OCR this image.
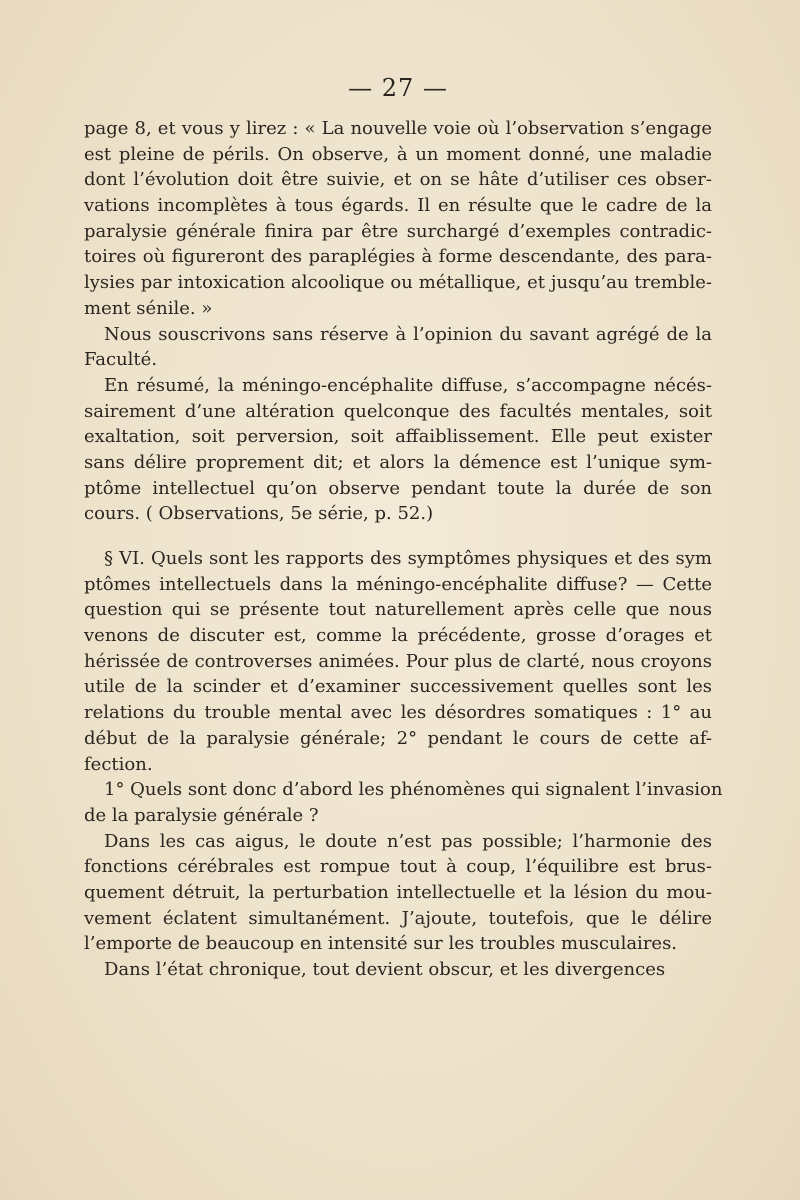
— 27 —
page 8, et vous y lirez : « La nouvelle voie où l’observation s’engage
est pleine de périls. On observe, à un moment donné, une maladie
dont l’évolution doit être suivie, et on se hâte d’utiliser ces obser-
vations incomplètes à tous égards. Il en résulte que le cadre de la
paralysie générale finira par être surchargé d’exemples contradic-
toires où figureront des paraplégies à forme descendante, des para-
lysies par intoxication alcoolique ou métallique, et jusqu’au tremble-
ment sénile. »
Nous souscrivons sans réserve à l’opinion du savant agrégé de la
Faculté.
En résumé, la méningo-encéphalite diffuse, s’accompagne nécés-
sairement d’une altération quelconque des facultés mentales, soit
exaltation, soit perversion, soit affaiblissement. Elle peut exister
sans délire proprement dit; et alors la démence est l’unique sym-
ptôme intellectuel qu’on observe pendant toute la durée de son
cours. ( Observations, 5e série, p. 52.)
§ VI. Quels sont les rapports des symptômes physiques et des sym
ptômes intellectuels dans la méningo-encéphalite diffuse? — Cette
question qui se présente tout naturellement après celle que nous
venons de discuter est, comme la précédente, grosse d’orages et
hérissée de controverses animées. Pour plus de clarté, nous croyons
utile de la scinder et d’examiner successivement quelles sont les
relations du trouble mental avec les désordres somatiques : 1° au
début de la paralysie générale; 2° pendant le cours de cette af-
fection.
1° Quels sont donc d’abord les phénomènes qui signalent l’invasion
de la paralysie générale ?
Dans les cas aigus, le doute n’est pas possible; l’harmonie des
fonctions cérébrales est rompue tout à coup, l’équilibre est brus-
quement détruit, la perturbation intellectuelle et la lésion du mou-
vement éclatent simultanément. J’ajoute, toutefois, que le délire
l’emporte de beaucoup en intensité sur les troubles musculaires.
Dans l’état chronique, tout devient obscur, et les divergences
